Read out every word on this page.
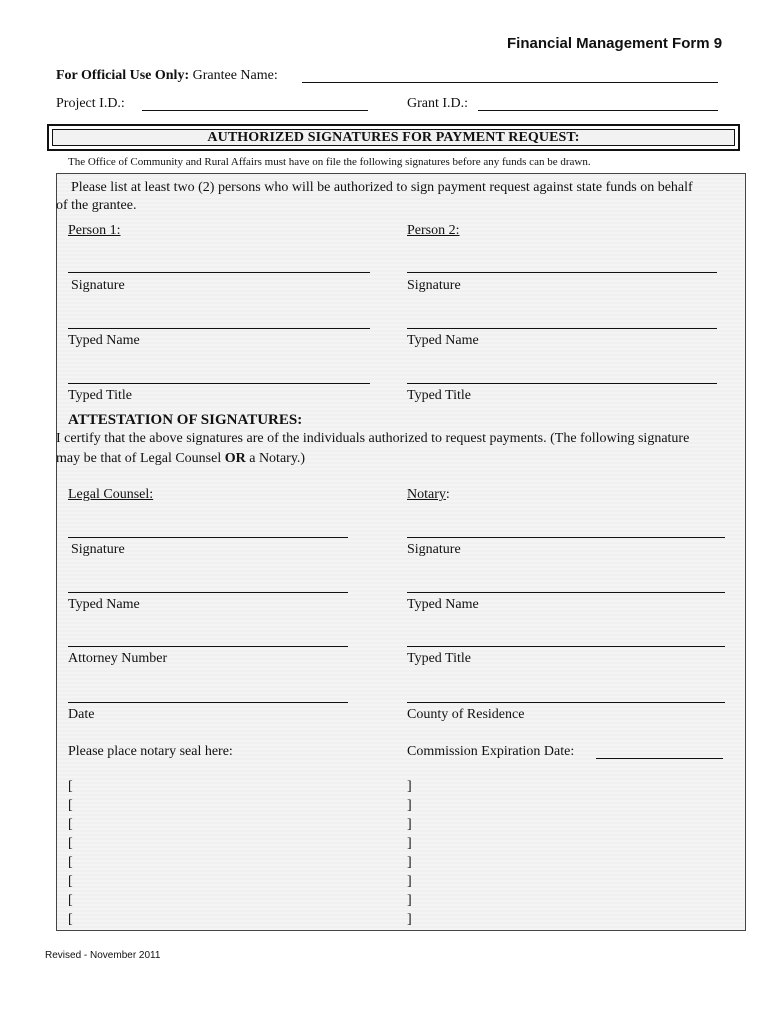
Financial Management Form 9
For Official Use Only: Grantee Name:
Project I.D.:	Grant I.D.:
AUTHORIZED SIGNATURES FOR PAYMENT REQUEST:
The Office of Community and Rural Affairs must have on file the following signatures before any funds can be drawn.
Please list at least two (2) persons who will be authorized to sign payment request against state funds on behalf
of the grantee.
Person 1:	Person 2:
Signature	Signature
Typed Name	Typed Name
Typed Title	Typed Title
ATTESTATION OF SIGNATURES:
I certify that the above signatures are of the individuals authorized to request payments. (The following signature
may be that of Legal Counsel OR a Notary.)
Legal Counsel:	Notary:
Signature	Signature
Typed Name	Typed Name
Attorney Number	Typed Title
Date	County of Residence
Please place notary seal here:	Commission Expiration Date:
[
[
[
[
[
[
[
[
]
]
]
]
]
]
]
]
Revised - November 2011
